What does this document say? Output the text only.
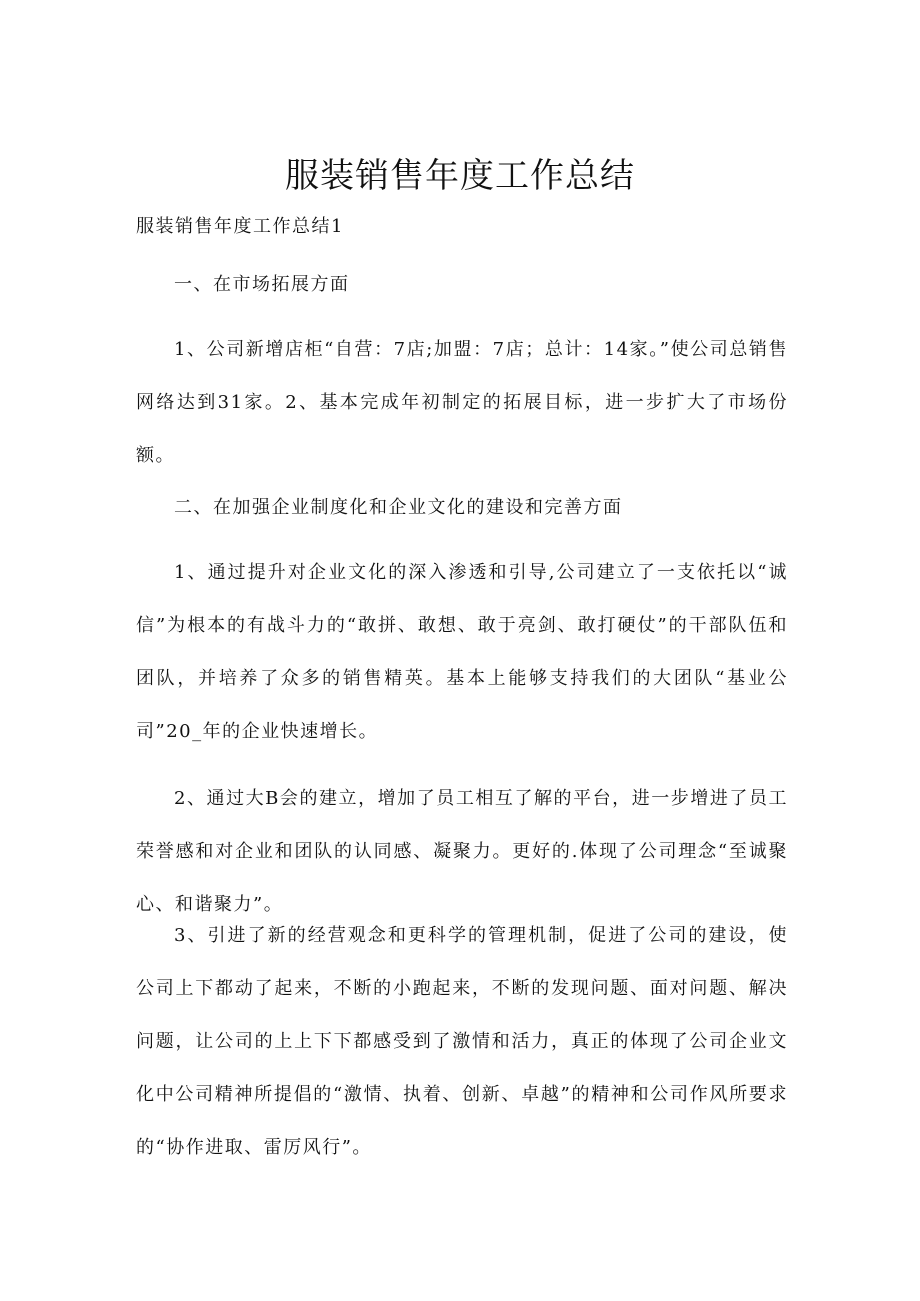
服装销售年度工作总结

服装销售年度工作总结1

一、在市场拓展方面

1、公司新增店柜“自营：7店;加盟：7店；总计：14家。”使公司总销售网络达到31家。2、基本完成年初制定的拓展目标，进一步扩大了市场份额。

二、在加强企业制度化和企业文化的建设和完善方面

1、通过提升对企业文化的深入渗透和引导,公司建立了一支依托以“诚信”为根本的有战斗力的“敢拼、敢想、敢于亮剑、敢打硬仗”的干部队伍和团队，并培养了众多的销售精英。基本上能够支持我们的大团队“基业公司”20_年的企业快速增长。

2、通过大B会的建立，增加了员工相互了解的平台，进一步增进了员工荣誉感和对企业和团队的认同感、凝聚力。更好的.体现了公司理念“至诚聚心、和谐聚力”。

3、引进了新的经营观念和更科学的管理机制，促进了公司的建设，使公司上下都动了起来，不断的小跑起来，不断的发现问题、面对问题、解决问题，让公司的上上下下都感受到了激情和活力，真正的体现了公司企业文化中公司精神所提倡的“激情、执着、创新、卓越”的精神和公司作风所要求的“协作进取、雷厉风行”。
